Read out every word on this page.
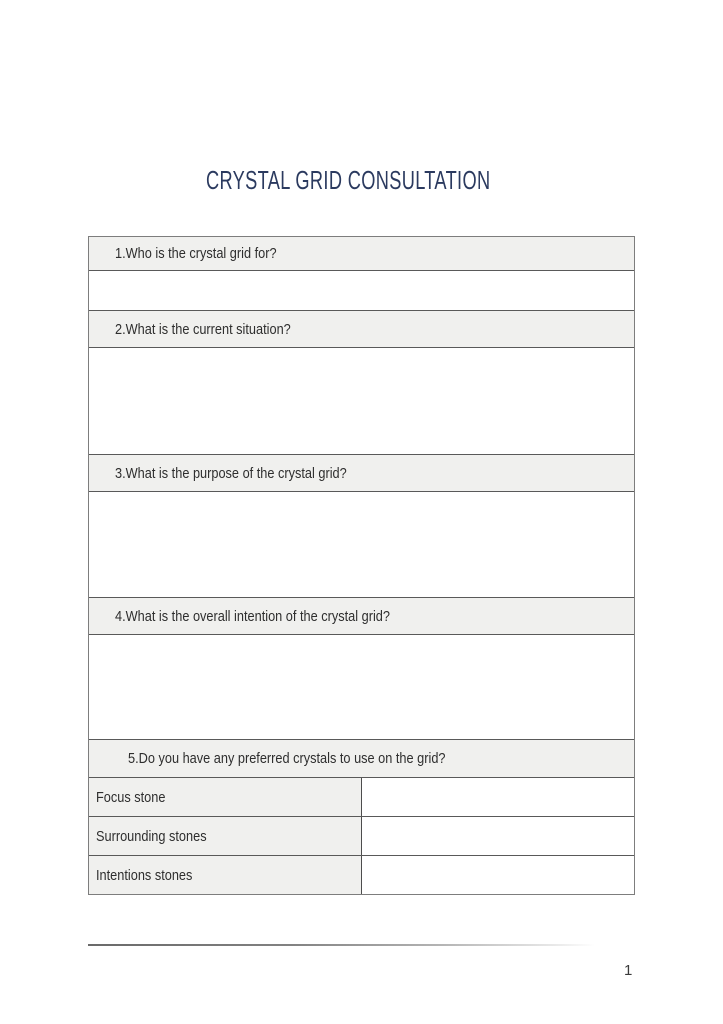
CRYSTAL GRID CONSULTATION
1.Who is the crystal grid for?
2.What is the current situation?
3.What is the purpose of the crystal grid?
4.What is the overall intention of the crystal grid?
5.Do you have any preferred crystals to use on the grid?
Focus stone
Surrounding stones
Intentions stones
1
